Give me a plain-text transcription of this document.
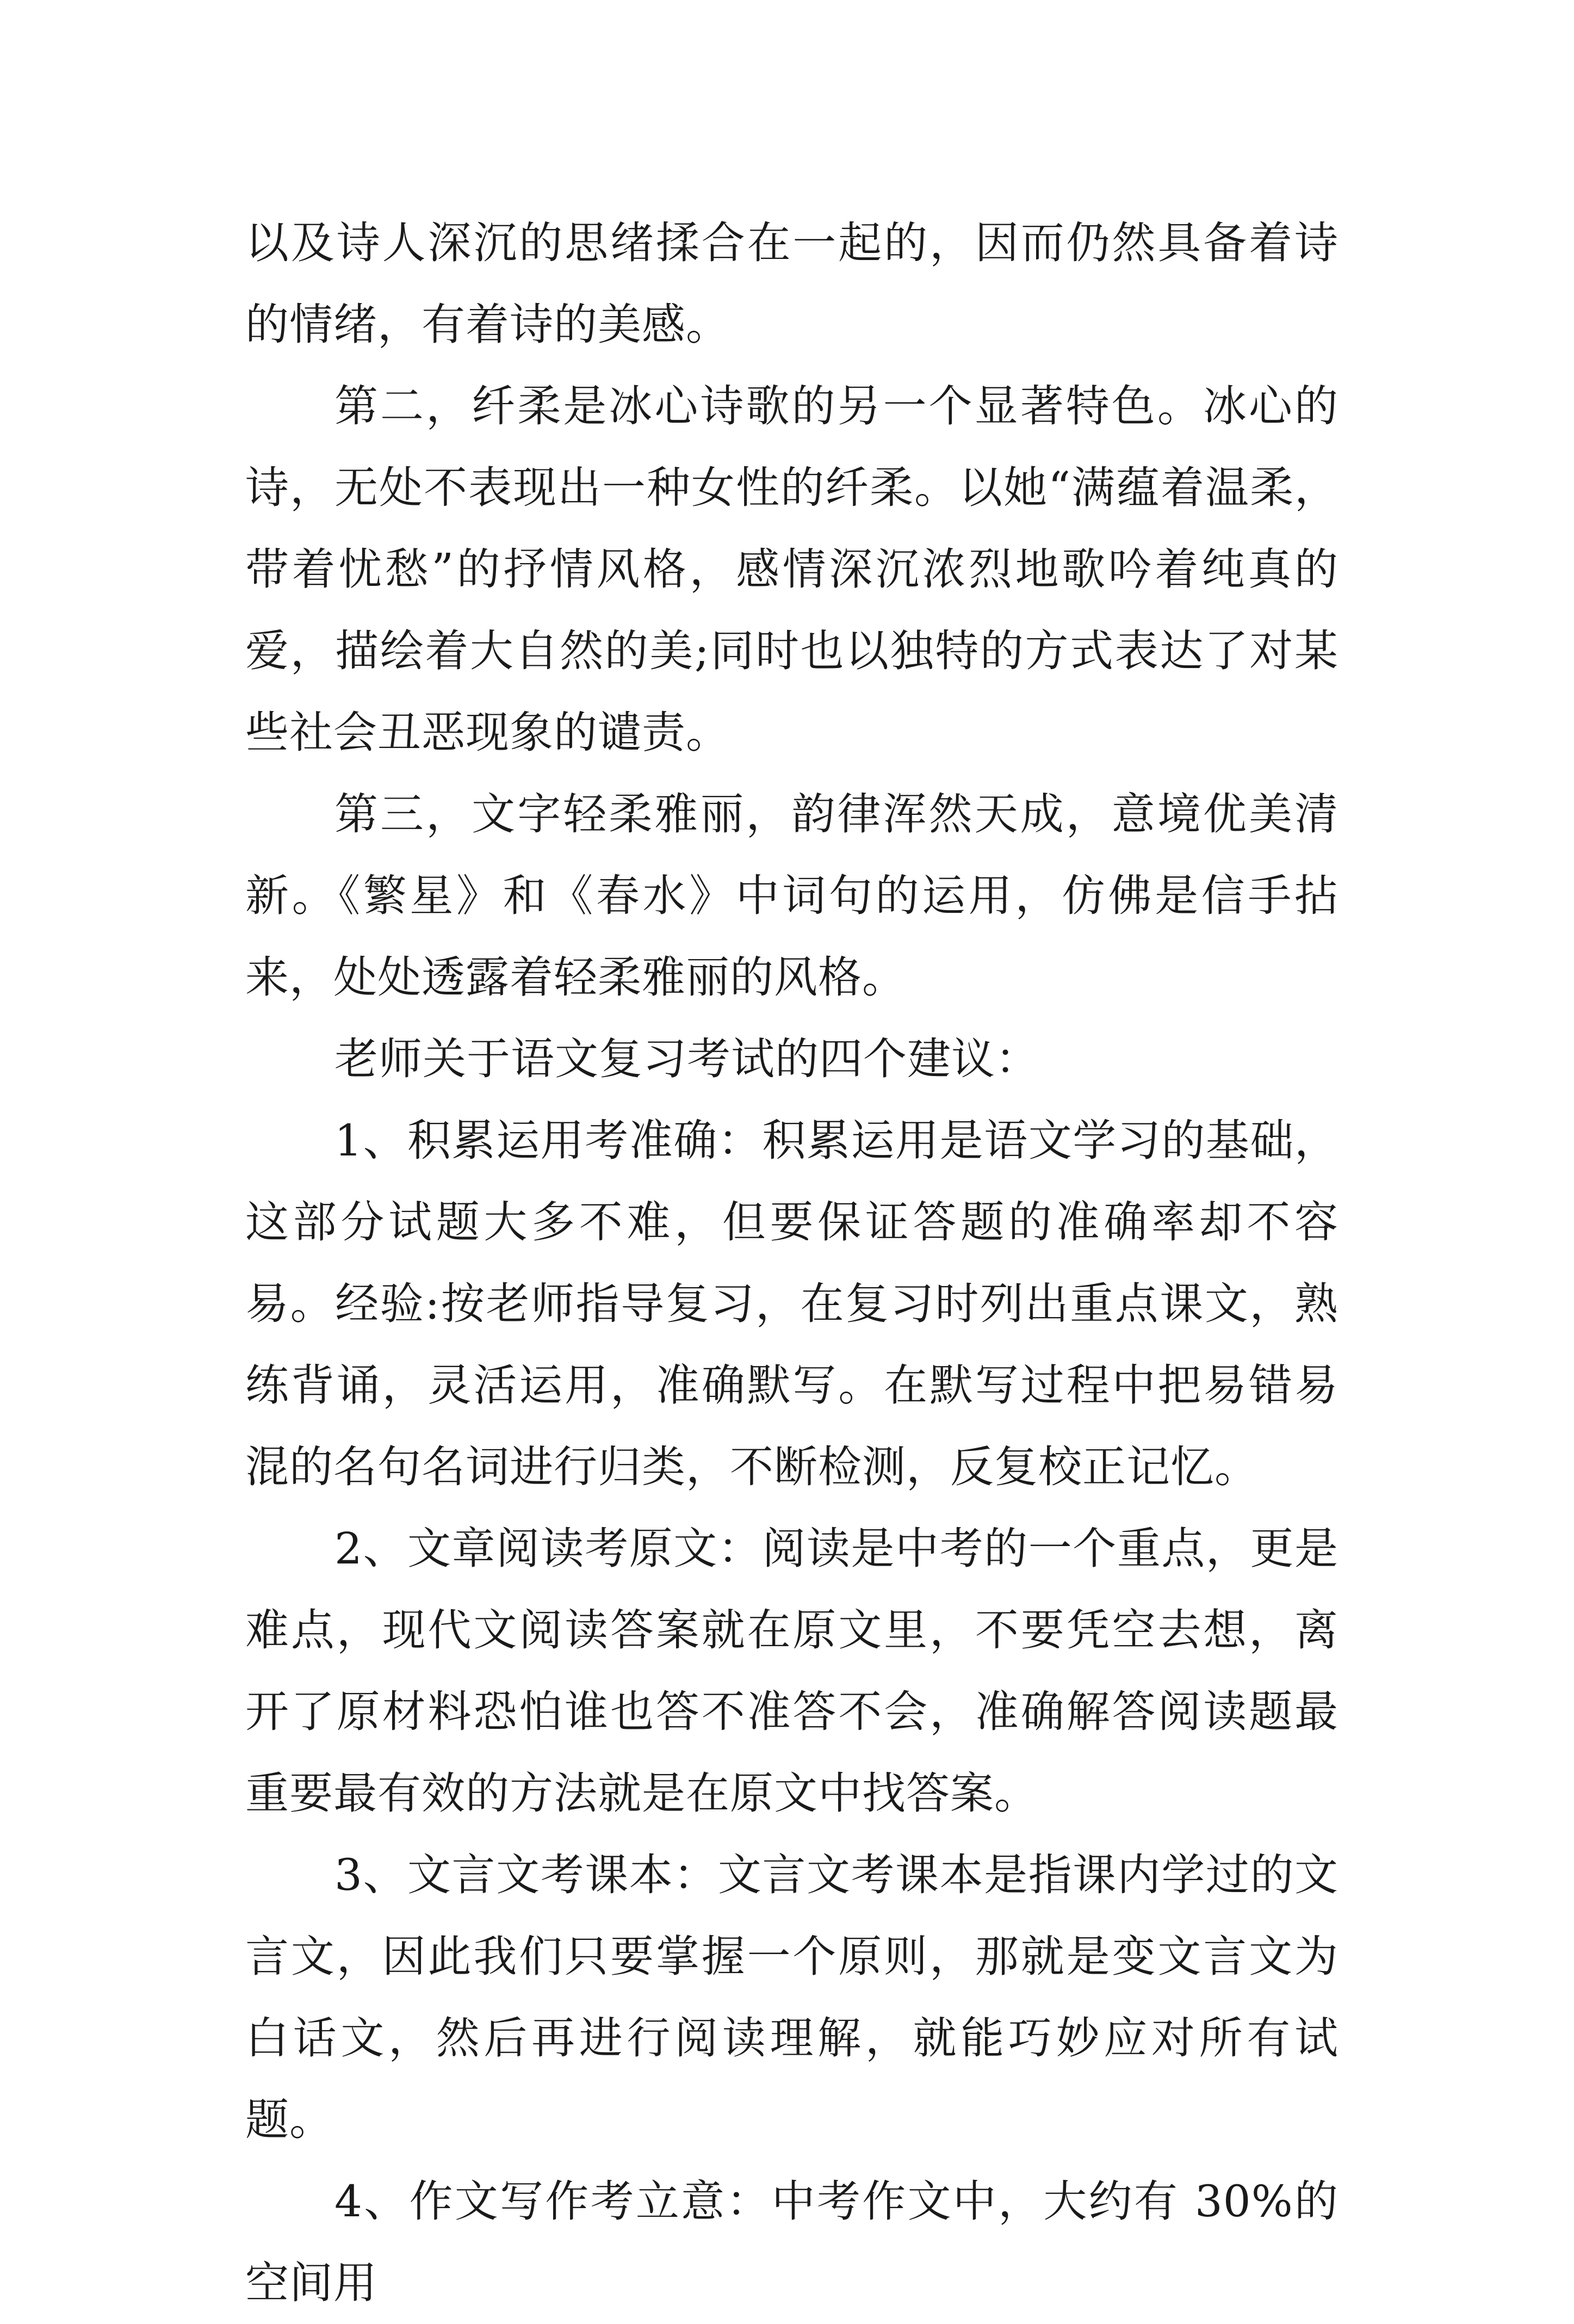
以及诗人深沉的思绪揉合在一起的，因而仍然具备着诗的情绪，有着诗的美感。

第二，纤柔是冰心诗歌的另一个显著特色。冰心的诗，无处不表现出一种女性的纤柔。以她“满蕴着温柔，带着忧愁”的抒情风格，感情深沉浓烈地歌吟着纯真的爱，描绘着大自然的美;同时也以独特的方式表达了对某些社会丑恶现象的谴责。

第三，文字轻柔雅丽，韵律浑然天成，意境优美清新。《繁星》和《春水》中词句的运用，仿佛是信手拈来，处处透露着轻柔雅丽的风格。

老师关于语文复习考试的四个建议：

1、积累运用考准确：积累运用是语文学习的基础，这部分试题大多不难，但要保证答题的准确率却不容易。经验:按老师指导复习，在复习时列出重点课文，熟练背诵，灵活运用，准确默写。在默写过程中把易错易混的名句名词进行归类，不断检测，反复校正记忆。

2、文章阅读考原文：阅读是中考的一个重点，更是难点，现代文阅读答案就在原文里，不要凭空去想，离开了原材料恐怕谁也答不准答不会，准确解答阅读题最重要最有效的方法就是在原文中找答案。

3、文言文考课本：文言文考课本是指课内学过的文言文，因此我们只要掌握一个原则，那就是变文言文为白话文，然后再进行阅读理解，就能巧妙应对所有试题。

4、作文写作考立意：中考作文中，大约有 30%的空间用
